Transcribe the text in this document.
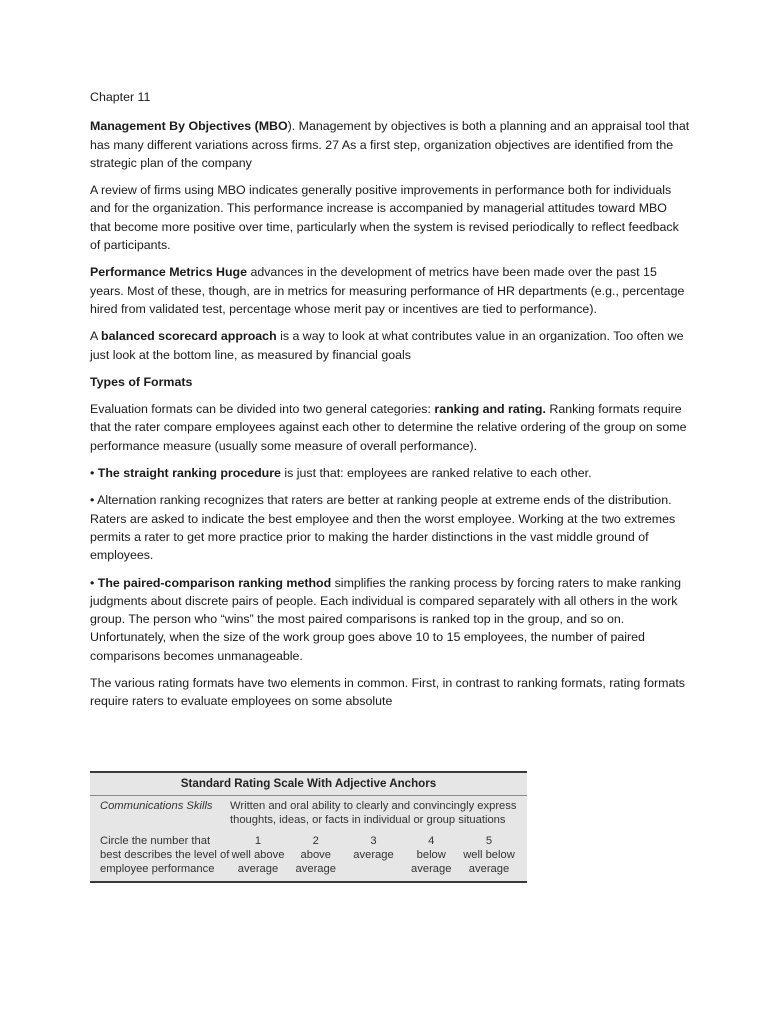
Chapter 11

Management By Objectives (MBO). Management by objectives is both a planning and an appraisal tool that has many different variations across firms. 27 As a first step, organization objectives are identified from the strategic plan of the company

A review of firms using MBO indicates generally positive improvements in performance both for individuals and for the organization. This performance increase is accompanied by managerial attitudes toward MBO that become more positive over time, particularly when the system is revised periodically to reflect feedback of participants.

Performance Metrics Huge advances in the development of metrics have been made over the past 15 years. Most of these, though, are in metrics for measuring performance of HR departments (e.g., percentage hired from validated test, percentage whose merit pay or incentives are tied to performance).

A balanced scorecard approach is a way to look at what contributes value in an organization. Too often we just look at the bottom line, as measured by financial goals

Types of Formats

Evaluation formats can be divided into two general categories: ranking and rating. Ranking formats require that the rater compare employees against each other to determine the relative ordering of the group on some performance measure (usually some measure of overall performance).

• The straight ranking procedure is just that: employees are ranked relative to each other.

• Alternation ranking recognizes that raters are better at ranking people at extreme ends of the distribution. Raters are asked to indicate the best employee and then the worst employee. Working at the two extremes permits a rater to get more practice prior to making the harder distinctions in the vast middle ground of employees.

• The paired-comparison ranking method simplifies the ranking process by forcing raters to make ranking judgments about discrete pairs of people. Each individual is compared separately with all others in the work group. The person who “wins” the most paired comparisons is ranked top in the group, and so on. Unfortunately, when the size of the work group goes above 10 to 15 employees, the number of paired comparisons becomes unmanageable.

The various rating formats have two elements in common. First, in contrast to ranking formats, rating formats require raters to evaluate employees on some absolute

Standard Rating Scale With Adjective Anchors
Communications Skills	Written and oral ability to clearly and convincingly express thoughts, ideas, or facts in individual or group situations
Circle the number that best describes the level of employee performance
1
well above average
2
above average
3
average
4
below average
5
well below average
